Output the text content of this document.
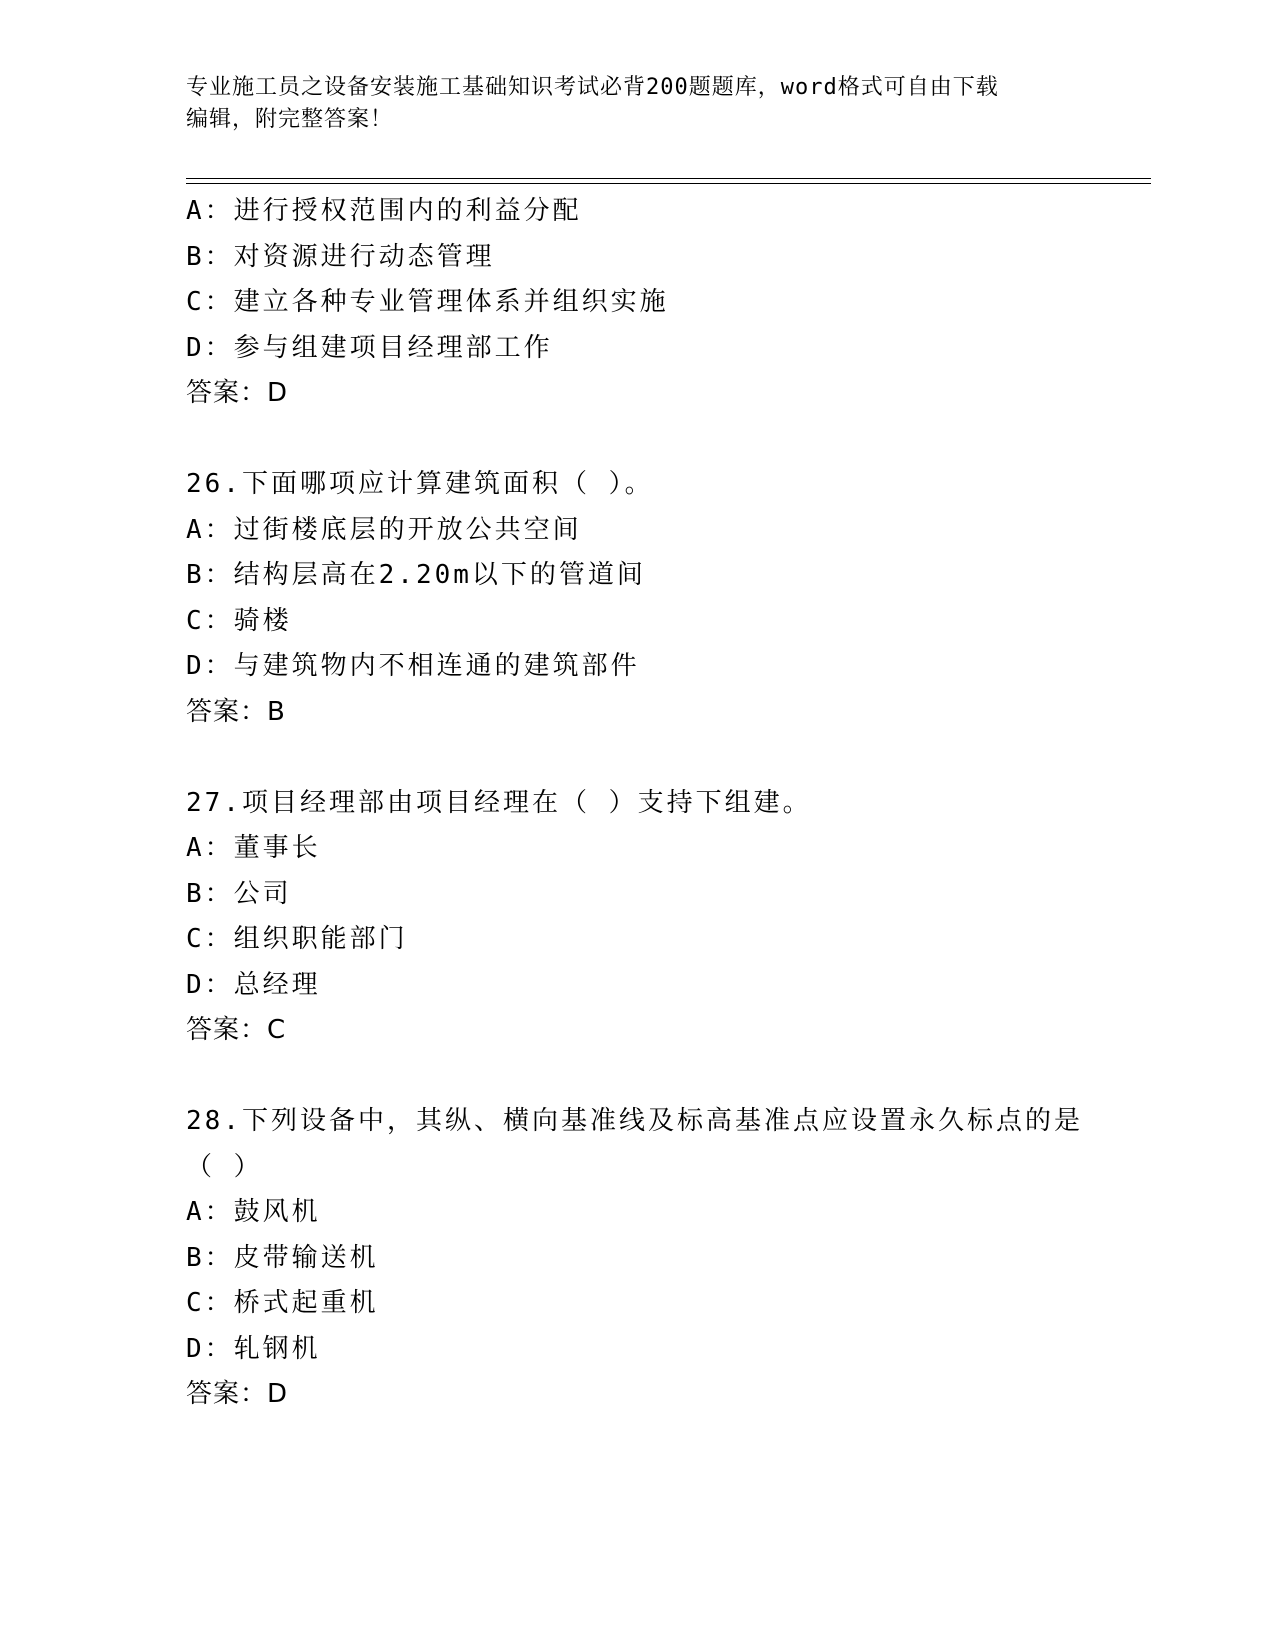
专业施工员之设备安装施工基础知识考试必背200题题库，word格式可自由下载
编辑，附完整答案！
A：进行授权范围内的利益分配
B：对资源进行动态管理
C：建立各种专业管理体系并组织实施
D：参与组建项目经理部工作
答案：D
26.下面哪项应计算建筑面积（ ）。
A：过街楼底层的开放公共空间
B：结构层高在2.20m以下的管道间
C：骑楼
D：与建筑物内不相连通的建筑部件
答案：B
27.项目经理部由项目经理在（ ）支持下组建。
A：董事长
B：公司
C：组织职能部门
D：总经理
答案：C
28.下列设备中，其纵、横向基准线及标高基准点应设置永久标点的是
（ ）
A：鼓风机
B：皮带输送机
C：桥式起重机
D：轧钢机
答案：D
